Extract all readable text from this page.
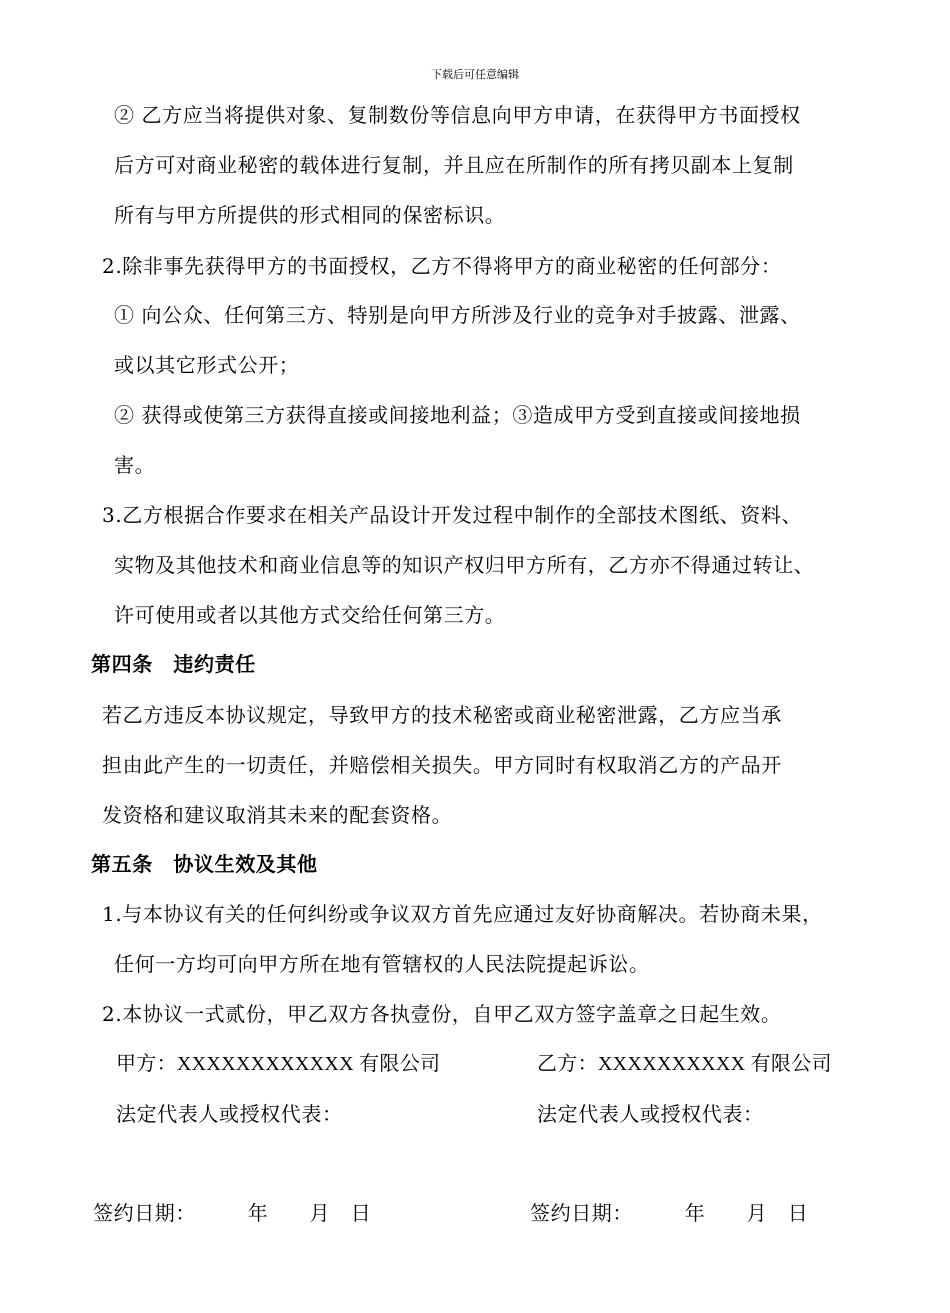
下载后可任意编辑
② 乙方应当将提供对象、复制数份等信息向甲方申请，在获得甲方书面授权
后方可对商业秘密的载体进行复制，并且应在所制作的所有拷贝副本上复制
所有与甲方所提供的形式相同的保密标识。
2.除非事先获得甲方的书面授权，乙方不得将甲方的商业秘密的任何部分：
① 向公众、任何第三方、特别是向甲方所涉及行业的竞争对手披露、泄露、
或以其它形式公开；
② 获得或使第三方获得直接或间接地利益；③造成甲方受到直接或间接地损
害。
3.乙方根据合作要求在相关产品设计开发过程中制作的全部技术图纸、资料、
实物及其他技术和商业信息等的知识产权归甲方所有，乙方亦不得通过转让、
许可使用或者以其他方式交给任何第三方。
第四条　违约责任
若乙方违反本协议规定，导致甲方的技术秘密或商业秘密泄露，乙方应当承
担由此产生的一切责任，并赔偿相关损失。甲方同时有权取消乙方的产品开
发资格和建议取消其未来的配套资格。
第五条　协议生效及其他
1.与本协议有关的任何纠纷或争议双方首先应通过友好协商解决。若协商未果，
任何一方均可向甲方所在地有管辖权的人民法院提起诉讼。
2.本协议一式贰份，甲乙双方各执壹份，自甲乙双方签字盖章之日起生效。
甲方：XXXXXXXXXXXX 有限公司	乙方：XXXXXXXXXX 有限公司
法定代表人或授权代表：	法定代表人或授权代表：
签约日期：　　　年　　月　日	签约日期：　　　年　　月　日
